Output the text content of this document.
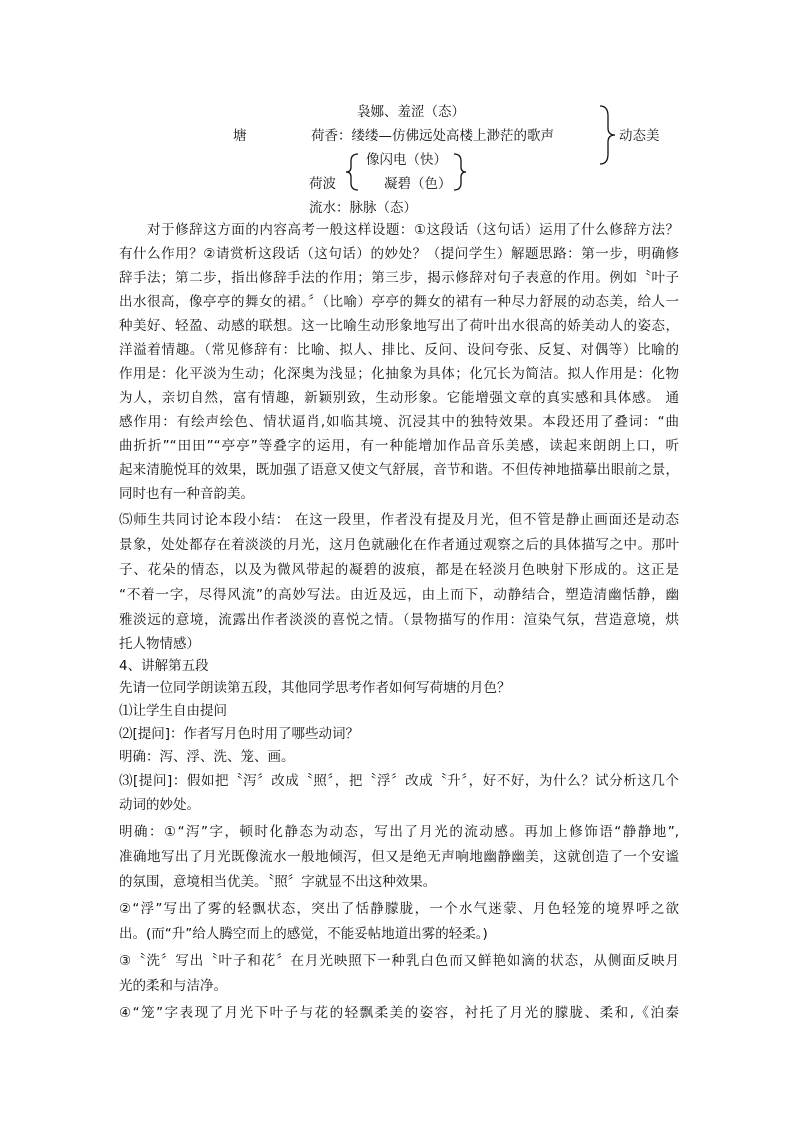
袅娜、羞涩（态）
塘	荷香：缕缕—仿佛远处高楼上渺茫的歌声	动态美
像闪电（快）
荷波	凝碧（色）
流水：脉脉（态）
对于修辞这方面的内容高考一般这样设题：①这段话（这句话）运用了什么修辞方法？
有什么作用？②请赏析这段话（这句话）的妙处？（提问学生）解题思路：第一步，明确修
辞手法；第二步，指出修辞手法的作用；第三步，揭示修辞对句子表意的作用。例如〝叶子
出水很高，像亭亭的舞女的裙。〞（比喻）亭亭的舞女的裙有一种尽力舒展的动态美，给人一
种美好、轻盈、动感的联想。这一比喻生动形象地写出了荷叶出水很高的娇美动人的姿态，
洋溢着情趣。（常见修辞有：比喻、拟人、排比、反问、设问夸张、反复、对偶等）比喻的
作用是：化平淡为生动；化深奥为浅显；化抽象为具体；化冗长为简洁。拟人作用是：化物
为人，亲切自然，富有情趣，新颖别致，生动形象。它能增强文章的真实感和具体感。 通
感作用：有绘声绘色、情状逼肖,如临其境、沉浸其中的独特效果。本段还用了叠词：“曲
曲折折”“田田”“亭亭”等叠字的运用，有一种能增加作品音乐美感，读起来朗朗上口，听
起来清脆悦耳的效果，既加强了语意又使文气舒展，音节和谐。不但传神地描摹出眼前之景，
同时也有一种音韵美。
⑸师生共同讨论本段小结： 在这一段里，作者没有提及月光，但不管是静止画面还是动态
景象，处处都存在着淡淡的月光，这月色就融化在作者通过观察之后的具体描写之中。那叶
子、花朵的情态，以及为微风带起的凝碧的波痕，都是在轻淡月色映射下形成的。这正是
“不着一字，尽得风流”的高妙写法。由近及远，由上而下，动静结合，塑造清幽恬静，幽
雅淡远的意境，流露出作者淡淡的喜悦之情。（景物描写的作用：渲染气氛，营造意境，烘
托人物情感）
4、讲解第五段
先请一位同学朗读第五段，其他同学思考作者如何写荷塘的月色？
⑴让学生自由提问
⑵[提问]：作者写月色时用了哪些动词？
明确：泻、浮、洗、笼、画。
⑶[提问]：假如把〝泻〞改成〝照〞，把〝浮〞改成〝升〞，好不好，为什么？试分析这几个
动词的妙处。
明确：①“泻”字，顿时化静态为动态，写出了月光的流动感。再加上修饰语“静静地”,
准确地写出了月光既像流水一般地倾泻，但又是绝无声响地幽静幽美，这就创造了一个安谧
的氛围，意境相当优美。〝照〞字就显不出这种效果。
②“浮”写出了雾的轻飘状态，突出了恬静朦胧，一个水气迷蒙、月色轻笼的境界呼之欲
出。(而“升”给人腾空而上的感觉，不能妥帖地道出雾的轻柔。)
③〝洗〞写出〝叶子和花〞在月光映照下一种乳白色而又鲜艳如滴的状态，从侧面反映月
光的柔和与洁净。
④“笼”字表现了月光下叶子与花的轻飘柔美的姿容，衬托了月光的朦胧、柔和,《泊秦
